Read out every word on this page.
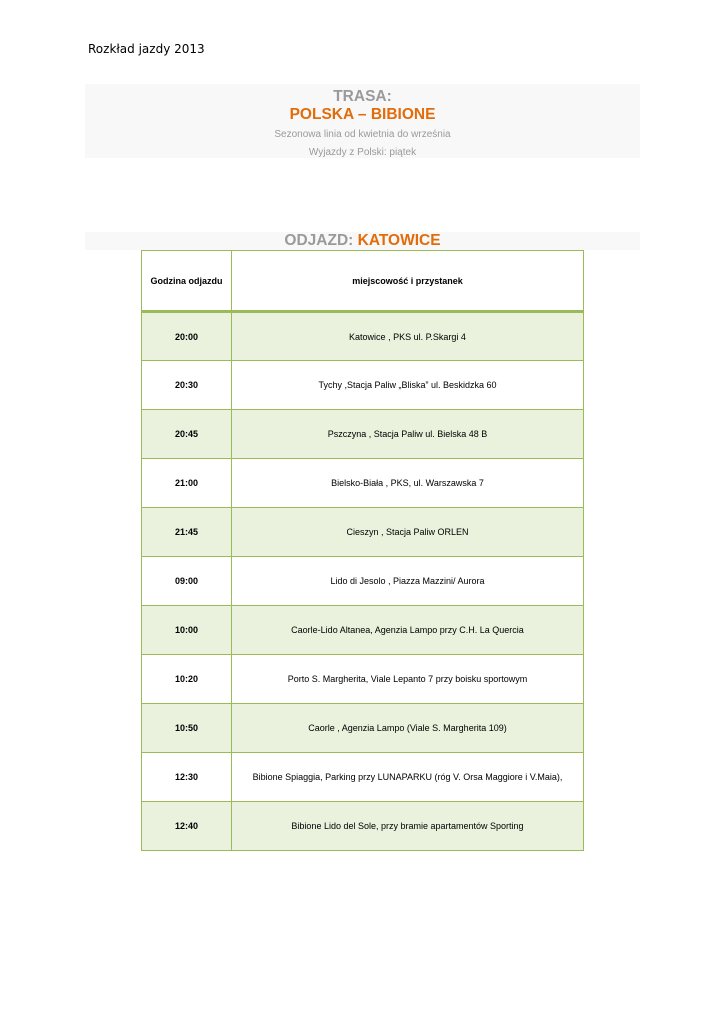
Rozkład jazdy 2013
TRASA:
POLSKA – BIBIONE
Sezonowa linia od kwietnia do września
Wyjazdy z Polski: piątek
ODJAZD: KATOWICE
Godzina odjazdu	miejscowość i przystanek
20:00	Katowice , PKS ul. P.Skargi 4
20:30	Tychy ,Stacja Paliw „Bliska” ul. Beskidzka 60
20:45	Pszczyna , Stacja Paliw ul. Bielska 48 B
21:00	Bielsko-Biała , PKS, ul. Warszawska 7
21:45	Cieszyn , Stacja Paliw ORLEN
09:00	Lido di Jesolo , Piazza Mazzini/ Aurora
10:00	Caorle-Lido Altanea, Agenzia Lampo przy C.H. La Quercia
10:20	Porto S. Margherita, Viale Lepanto 7 przy boisku sportowym
10:50	Caorle , Agenzia Lampo (Viale S. Margherita 109)
12:30	Bibione Spiaggia, Parking przy LUNAPARKU (róg V. Orsa Maggiore i V.Maia),
12:40	Bibione Lido del Sole, przy bramie apartamentów Sporting
